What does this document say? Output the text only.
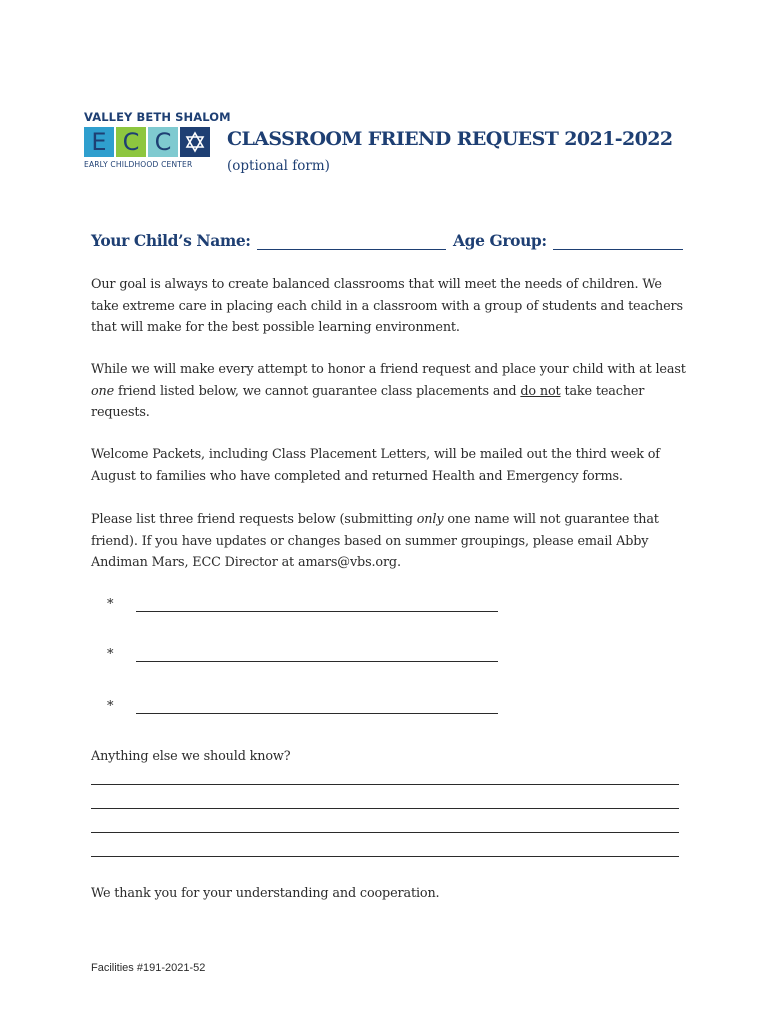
VALLEY BETH SHALOM
E C C
EARLY CHILDHOOD CENTER
CLASSROOM FRIEND REQUEST 2021-2022
(optional form)
Your Child’s Name:	Age Group:

Our goal is always to create balanced classrooms that will meet the needs of children. We take extreme care in placing each child in a classroom with a group of students and teachers that will make for the best possible learning environment.

While we will make every attempt to honor a friend request and place your child with at least one friend listed below, we cannot guarantee class placements and do not take teacher requests.

Welcome Packets, including Class Placement Letters, will be mailed out the third week of August to families who have completed and returned Health and Emergency forms.

Please list three friend requests below (submitting only one name will not guarantee that friend). If you have updates or changes based on summer groupings, please email Abby Andiman Mars, ECC Director at amars@vbs.org.

*
*
*

Anything else we should know?

We thank you for your understanding and cooperation.

Facilities #191-2021-52
